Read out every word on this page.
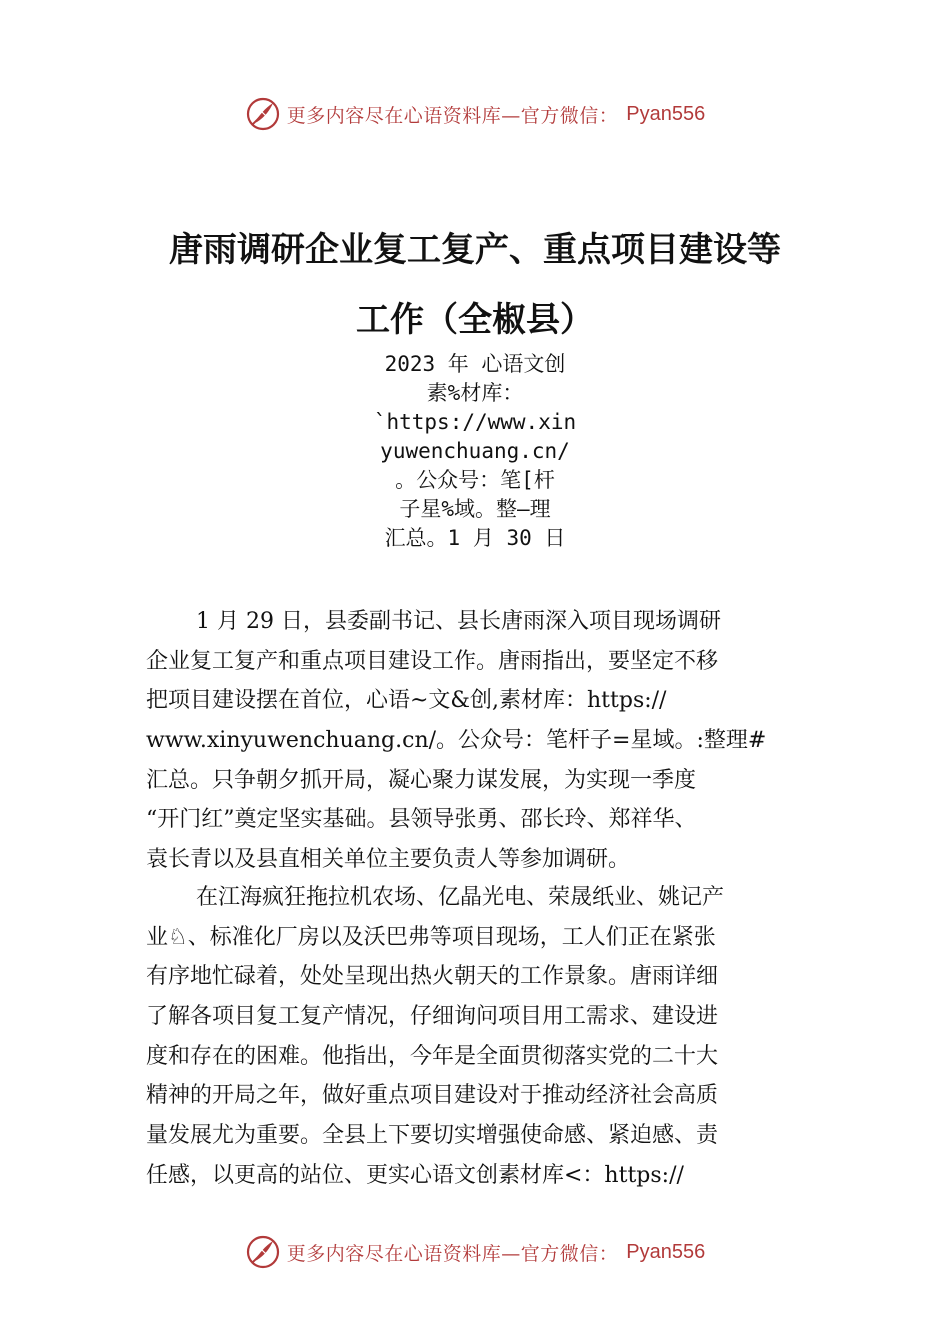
更多内容尽在心语资料库—官方微信： Pyan556
唐雨调研企业复工复产、重点项目建设等
工作（全椒县）
2023 年 心语文创
素%材库：
`https://www.xin
yuwenchuang.cn/
。公众号：笔[杆
子星%域。整—理
汇总。1 月 30 日
1 月 29 日，县委副书记、县长唐雨深入项目现场调研
企业复工复产和重点项目建设工作。唐雨指出，要坚定不移
把项目建设摆在首位，心语~文&创,素材库：https://
www.xinyuwenchuang.cn/。公众号：笔杆子=星域。:整理#
汇总。只争朝夕抓开局，凝心聚力谋发展，为实现一季度
“开门红”奠定坚实基础。县领导张勇、邵长玲、郑祥华、
袁长青以及县直相关单位主要负责人等参加调研。
在江海疯狂拖拉机农场、亿晶光电、荣晟纸业、姚记产
业♘、标准化厂房以及沃巴弗等项目现场，工人们正在紧张
有序地忙碌着，处处呈现出热火朝天的工作景象。唐雨详细
了解各项目复工复产情况，仔细询问项目用工需求、建设进
度和存在的困难。他指出，今年是全面贯彻落实党的二十大
精神的开局之年，做好重点项目建设对于推动经济社会高质
量发展尤为重要。全县上下要切实增强使命感、紧迫感、责
任感，以更高的站位、更实心语文创素材库<：https://
更多内容尽在心语资料库—官方微信： Pyan556
